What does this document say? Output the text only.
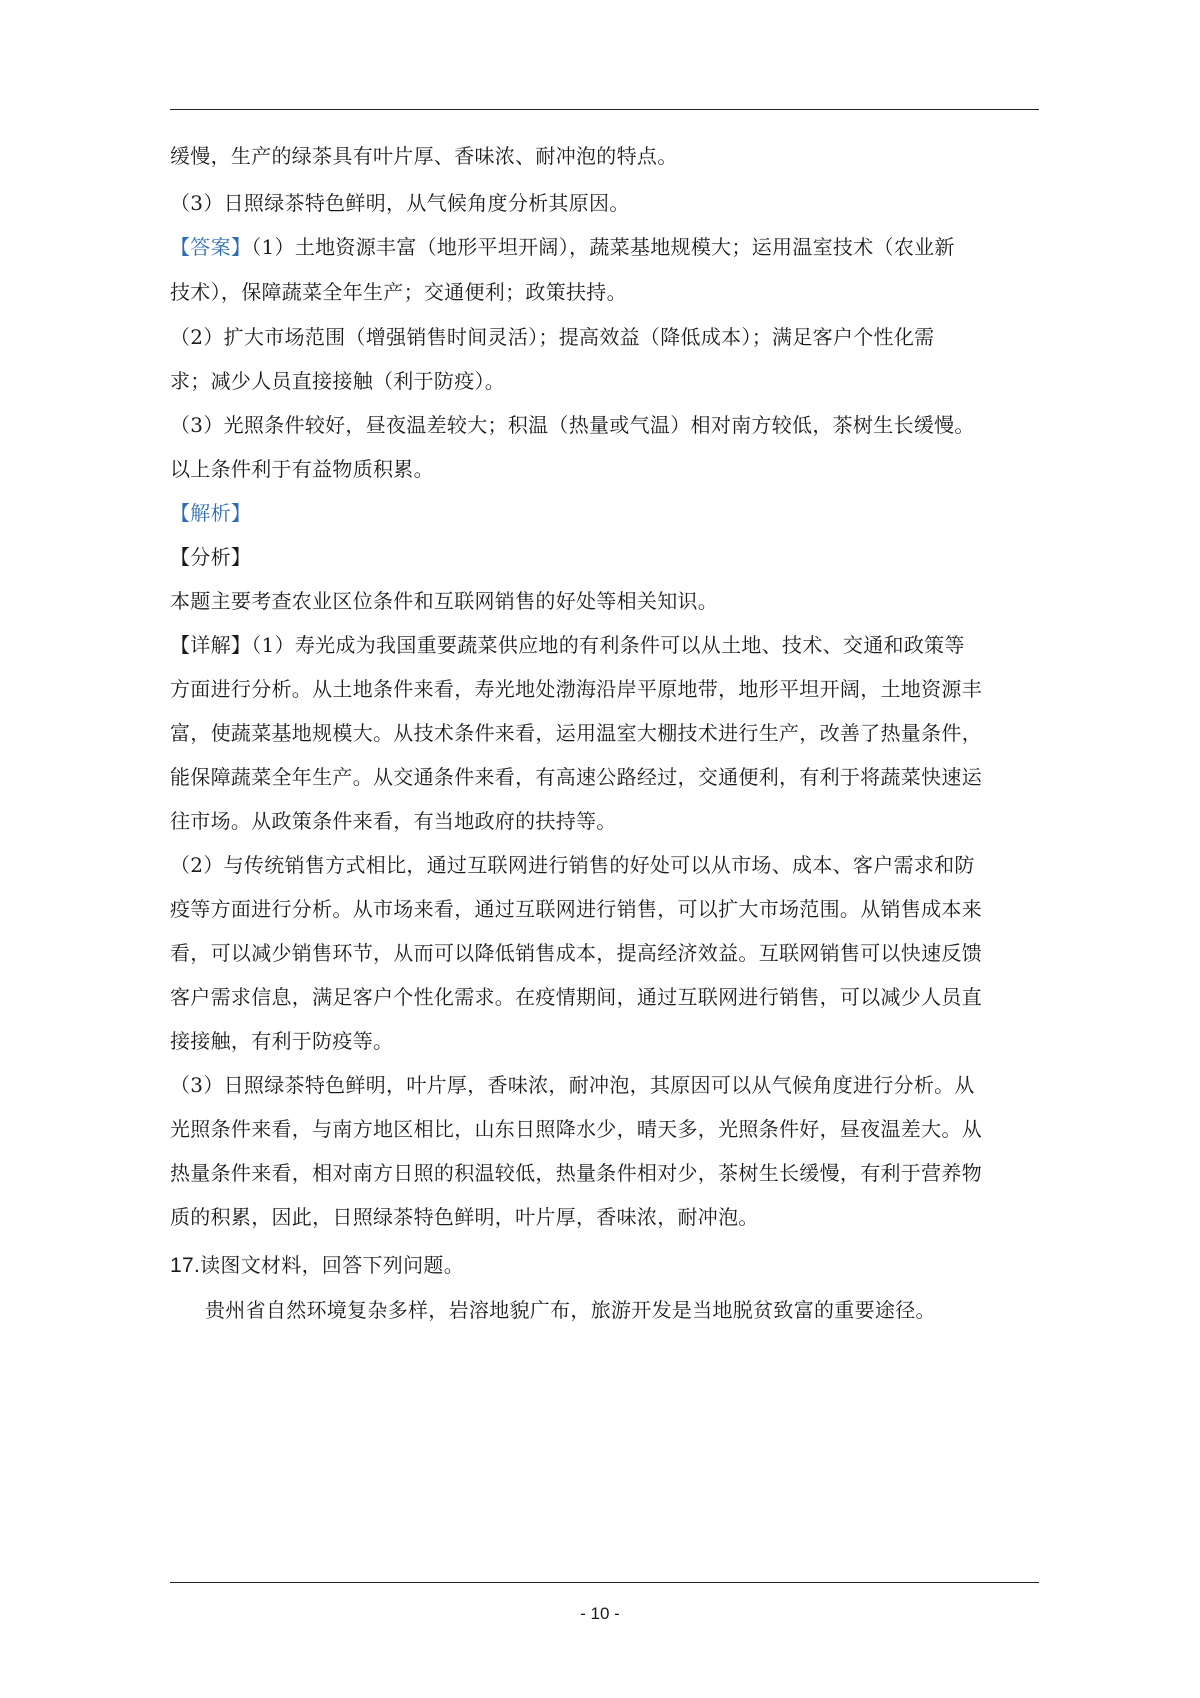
缓慢，生产的绿茶具有叶片厚、香味浓、耐冲泡的特点。
（3）日照绿茶特色鲜明，从气候角度分析其原因。
【答案】（1）土地资源丰富（地形平坦开阔），蔬菜基地规模大；运用温室技术（农业新
技术），保障蔬菜全年生产；交通便利；政策扶持。
（2）扩大市场范围（增强销售时间灵活）；提高效益（降低成本）；满足客户个性化需
求；减少人员直接接触（利于防疫）。
（3）光照条件较好，昼夜温差较大；积温（热量或气温）相对南方较低，茶树生长缓慢。
以上条件利于有益物质积累。
【解析】
【分析】
本题主要考查农业区位条件和互联网销售的好处等相关知识。
【详解】（1）寿光成为我国重要蔬菜供应地的有利条件可以从土地、技术、交通和政策等
方面进行分析。从土地条件来看，寿光地处渤海沿岸平原地带，地形平坦开阔，土地资源丰
富，使蔬菜基地规模大。从技术条件来看，运用温室大棚技术进行生产，改善了热量条件，
能保障蔬菜全年生产。从交通条件来看，有高速公路经过，交通便利，有利于将蔬菜快速运
往市场。从政策条件来看，有当地政府的扶持等。
（2）与传统销售方式相比，通过互联网进行销售的好处可以从市场、成本、客户需求和防
疫等方面进行分析。从市场来看，通过互联网进行销售，可以扩大市场范围。从销售成本来
看，可以减少销售环节，从而可以降低销售成本，提高经济效益。互联网销售可以快速反馈
客户需求信息，满足客户个性化需求。在疫情期间，通过互联网进行销售，可以减少人员直
接接触，有利于防疫等。
（3）日照绿茶特色鲜明，叶片厚，香味浓，耐冲泡，其原因可以从气候角度进行分析。从
光照条件来看，与南方地区相比，山东日照降水少，晴天多，光照条件好，昼夜温差大。从
热量条件来看，相对南方日照的积温较低，热量条件相对少，茶树生长缓慢，有利于营养物
质的积累，因此，日照绿茶特色鲜明，叶片厚，香味浓，耐冲泡。
17.读图文材料，回答下列问题。
贵州省自然环境复杂多样，岩溶地貌广布，旅游开发是当地脱贫致富的重要途径。
- 10 -
